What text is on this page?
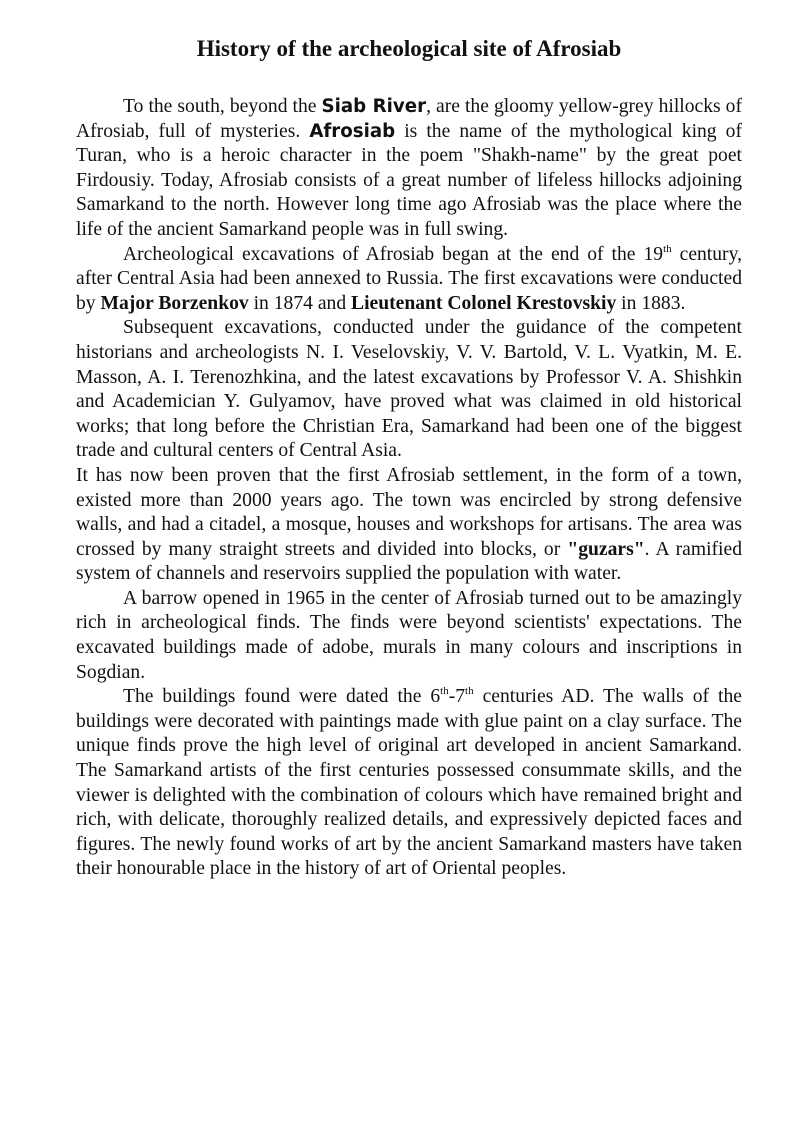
History of the archeological site of Afrosiab

To the south, beyond the Siab River, are the gloomy yellow-grey hillocks of Afrosiab, full of mysteries. Afrosiab is the name of the mythological king of Turan, who is a heroic character in the poem "Shakh-name" by the great poet Firdousiy. Today, Afrosiab consists of a great number of lifeless hillocks adjoining Samarkand to the north. However long time ago Afrosiab was the place where the life of the ancient Samarkand people was in full swing.

Archeological excavations of Afrosiab began at the end of the 19th century, after Central Asia had been annexed to Russia. The first excavations were conducted by Major Borzenkov in 1874 and Lieutenant Colonel Krestovskiy in 1883.

Subsequent excavations, conducted under the guidance of the competent historians and archeologists N. I. Veselovskiy, V. V. Bartold, V. L. Vyatkin, M. E. Masson, A. I. Terenozhkina, and the latest excavations by Professor V. A. Shishkin and Academician Y. Gulyamov, have proved what was claimed in old historical works; that long before the Christian Era, Samarkand had been one of the biggest trade and cultural centers of Central Asia.

It has now been proven that the first Afrosiab settlement, in the form of a town, existed more than 2000 years ago. The town was encircled by strong defensive walls, and had a citadel, a mosque, houses and workshops for artisans. The area was crossed by many straight streets and divided into blocks, or "guzars". A ramified system of channels and reservoirs supplied the population with water.

A barrow opened in 1965 in the center of Afrosiab turned out to be amazingly rich in archeological finds. The finds were beyond scientists' expectations. The excavated buildings made of adobe, murals in many colours and inscriptions in Sogdian.

The buildings found were dated the 6th-7th centuries AD. The walls of the buildings were decorated with paintings made with glue paint on a clay surface. The unique finds prove the high level of original art developed in ancient Samarkand. The Samarkand artists of the first centuries possessed consummate skills, and the viewer is delighted with the combination of colours which have remained bright and rich, with delicate, thoroughly realized details, and expressively depicted faces and figures. The newly found works of art by the ancient Samarkand masters have taken their honourable place in the history of art of Oriental peoples.
